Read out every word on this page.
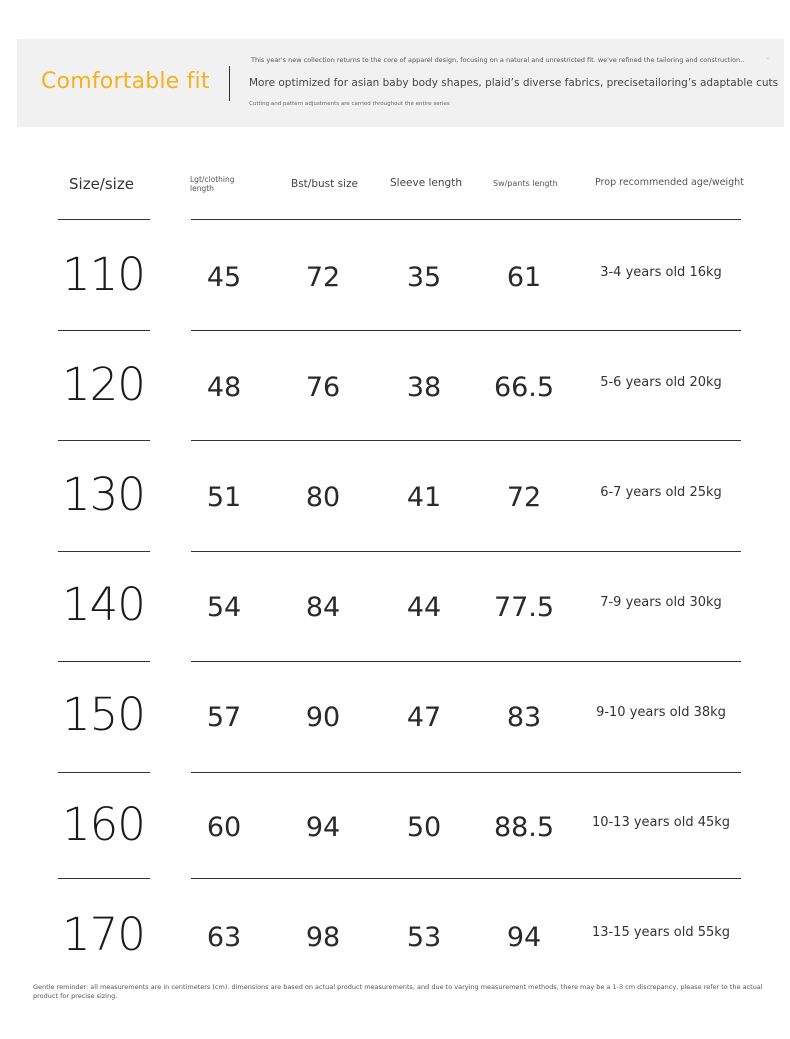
Comfortable fit
This year's new collection returns to the core of apparel design, focusing on a natural and unrestricted fit. we've refined the tailoring and construction..	·
More optimized for asian baby body shapes, plaid’s diverse fabrics, precisetailoring’s adaptable cuts
Cutting and pattern adjustments are carried throughout the entire series
Size/size	Lgt/clothing length	Bst/bust size	Sleeve length	Sw/pants length	Prop recommended age/weight
110	45	72	35	61	3-4 years old 16kg
120	48	76	38	66.5	5-6 years old 20kg
130	51	80	41	72	6-7 years old 25kg
140	54	84	44	77.5	7-9 years old 30kg
150	57	90	47	83	9-10 years old 38kg
160	60	94	50	88.5	10-13 years old 45kg
170	63	98	53	94	13-15 years old 55kg
Gentle reminder: all measurements are in centimeters (cm). dimensions are based on actual product measurements, and due to varying measurement methods, there may be a 1-3 cm discrepancy, please refer to the actual product for precise sizing.
